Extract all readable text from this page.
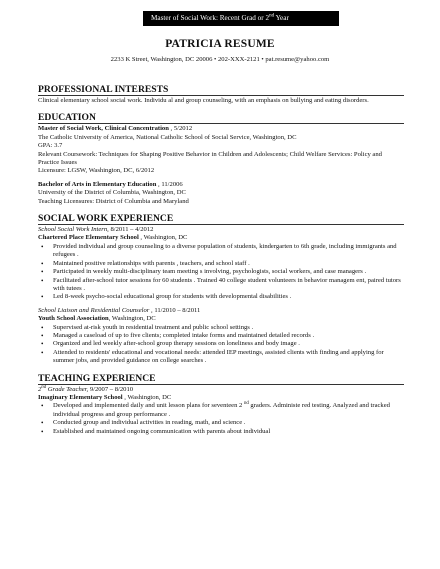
Master of Social Work: Recent Grad or 2nd Year
PATRICIA RESUME
2233 K Street, Washington, DC 20006 • 202-XXX-2121 • pat.resume@yahoo.com
PROFESSIONAL INTERESTS

Clinical elementary school social work. Individu al and group counseling, with an emphasis on bullying and eating disorders.

EDUCATION

Master of Social Work, Clinical Concentration , 5/2012

The Catholic University of America, National Catholic School of Social Service, Washington, DC

GPA: 3.7

Relevant Coursework: Techniques for Shaping Positive Behavior in Children and Adolescents; Child Welfare Services: Policy and Practice Issues

Licensure: LGSW, Washington, DC, 6/2012

Bachelor of Arts in Elementary Education , 11/2006

University of the District of Columbia, Washington, DC

Teaching Licensures: District of Columbia and Maryland

SOCIAL WORK EXPERIENCE

School Social Work Intern, 8/2011 – 4/2012

Chartered Place Elementary School , Washington, DC

• Provided individual and group counseling to a diverse population of students, kindergarten to 6th grade, including immigrants and refugees .
• Maintained positive relationships with parents , teachers, and school staff .
• Participated in weekly multi-disciplinary team meeting s involving, psychologists, social workers, and case managers .
• Facilitated after-school tutor sessions for 60 students . Trained 40 college student volunteers in behavior managem ent, paired tutors with tutees .
• Led 8-week psycho-social educational group for students with developmental disabilities .

School Liaison and Residential Counselor , 11/2010 – 8/2011

Youth School Association, Washington, DC

• Supervised at-risk youth in residential treatment and public school settings .
• Managed a caseload of up to five clients; completed intake forms and maintained detailed records .
• Organized and led weekly after-school group therapy sessions on loneliness and body image .
• Attended to residents' educational and vocational needs: attended IEP meetings, assisted clients with finding and applying for summer jobs, and provided guidance on college searches .
TEACHING EXPERIENCE

2nd Grade Teacher, 9/2007 – 8/2010

Imaginary Elementary School , Washington, DC

• Developed and implemented daily and unit lesson plans for seventeen 2 $^{nd}$ graders. Administe red testing. Analyzed and tracked individual progress and group performance .
• Conducted group and individual activities in reading, math, and science .
• Established and maintained ongoing communication with parents about individual
